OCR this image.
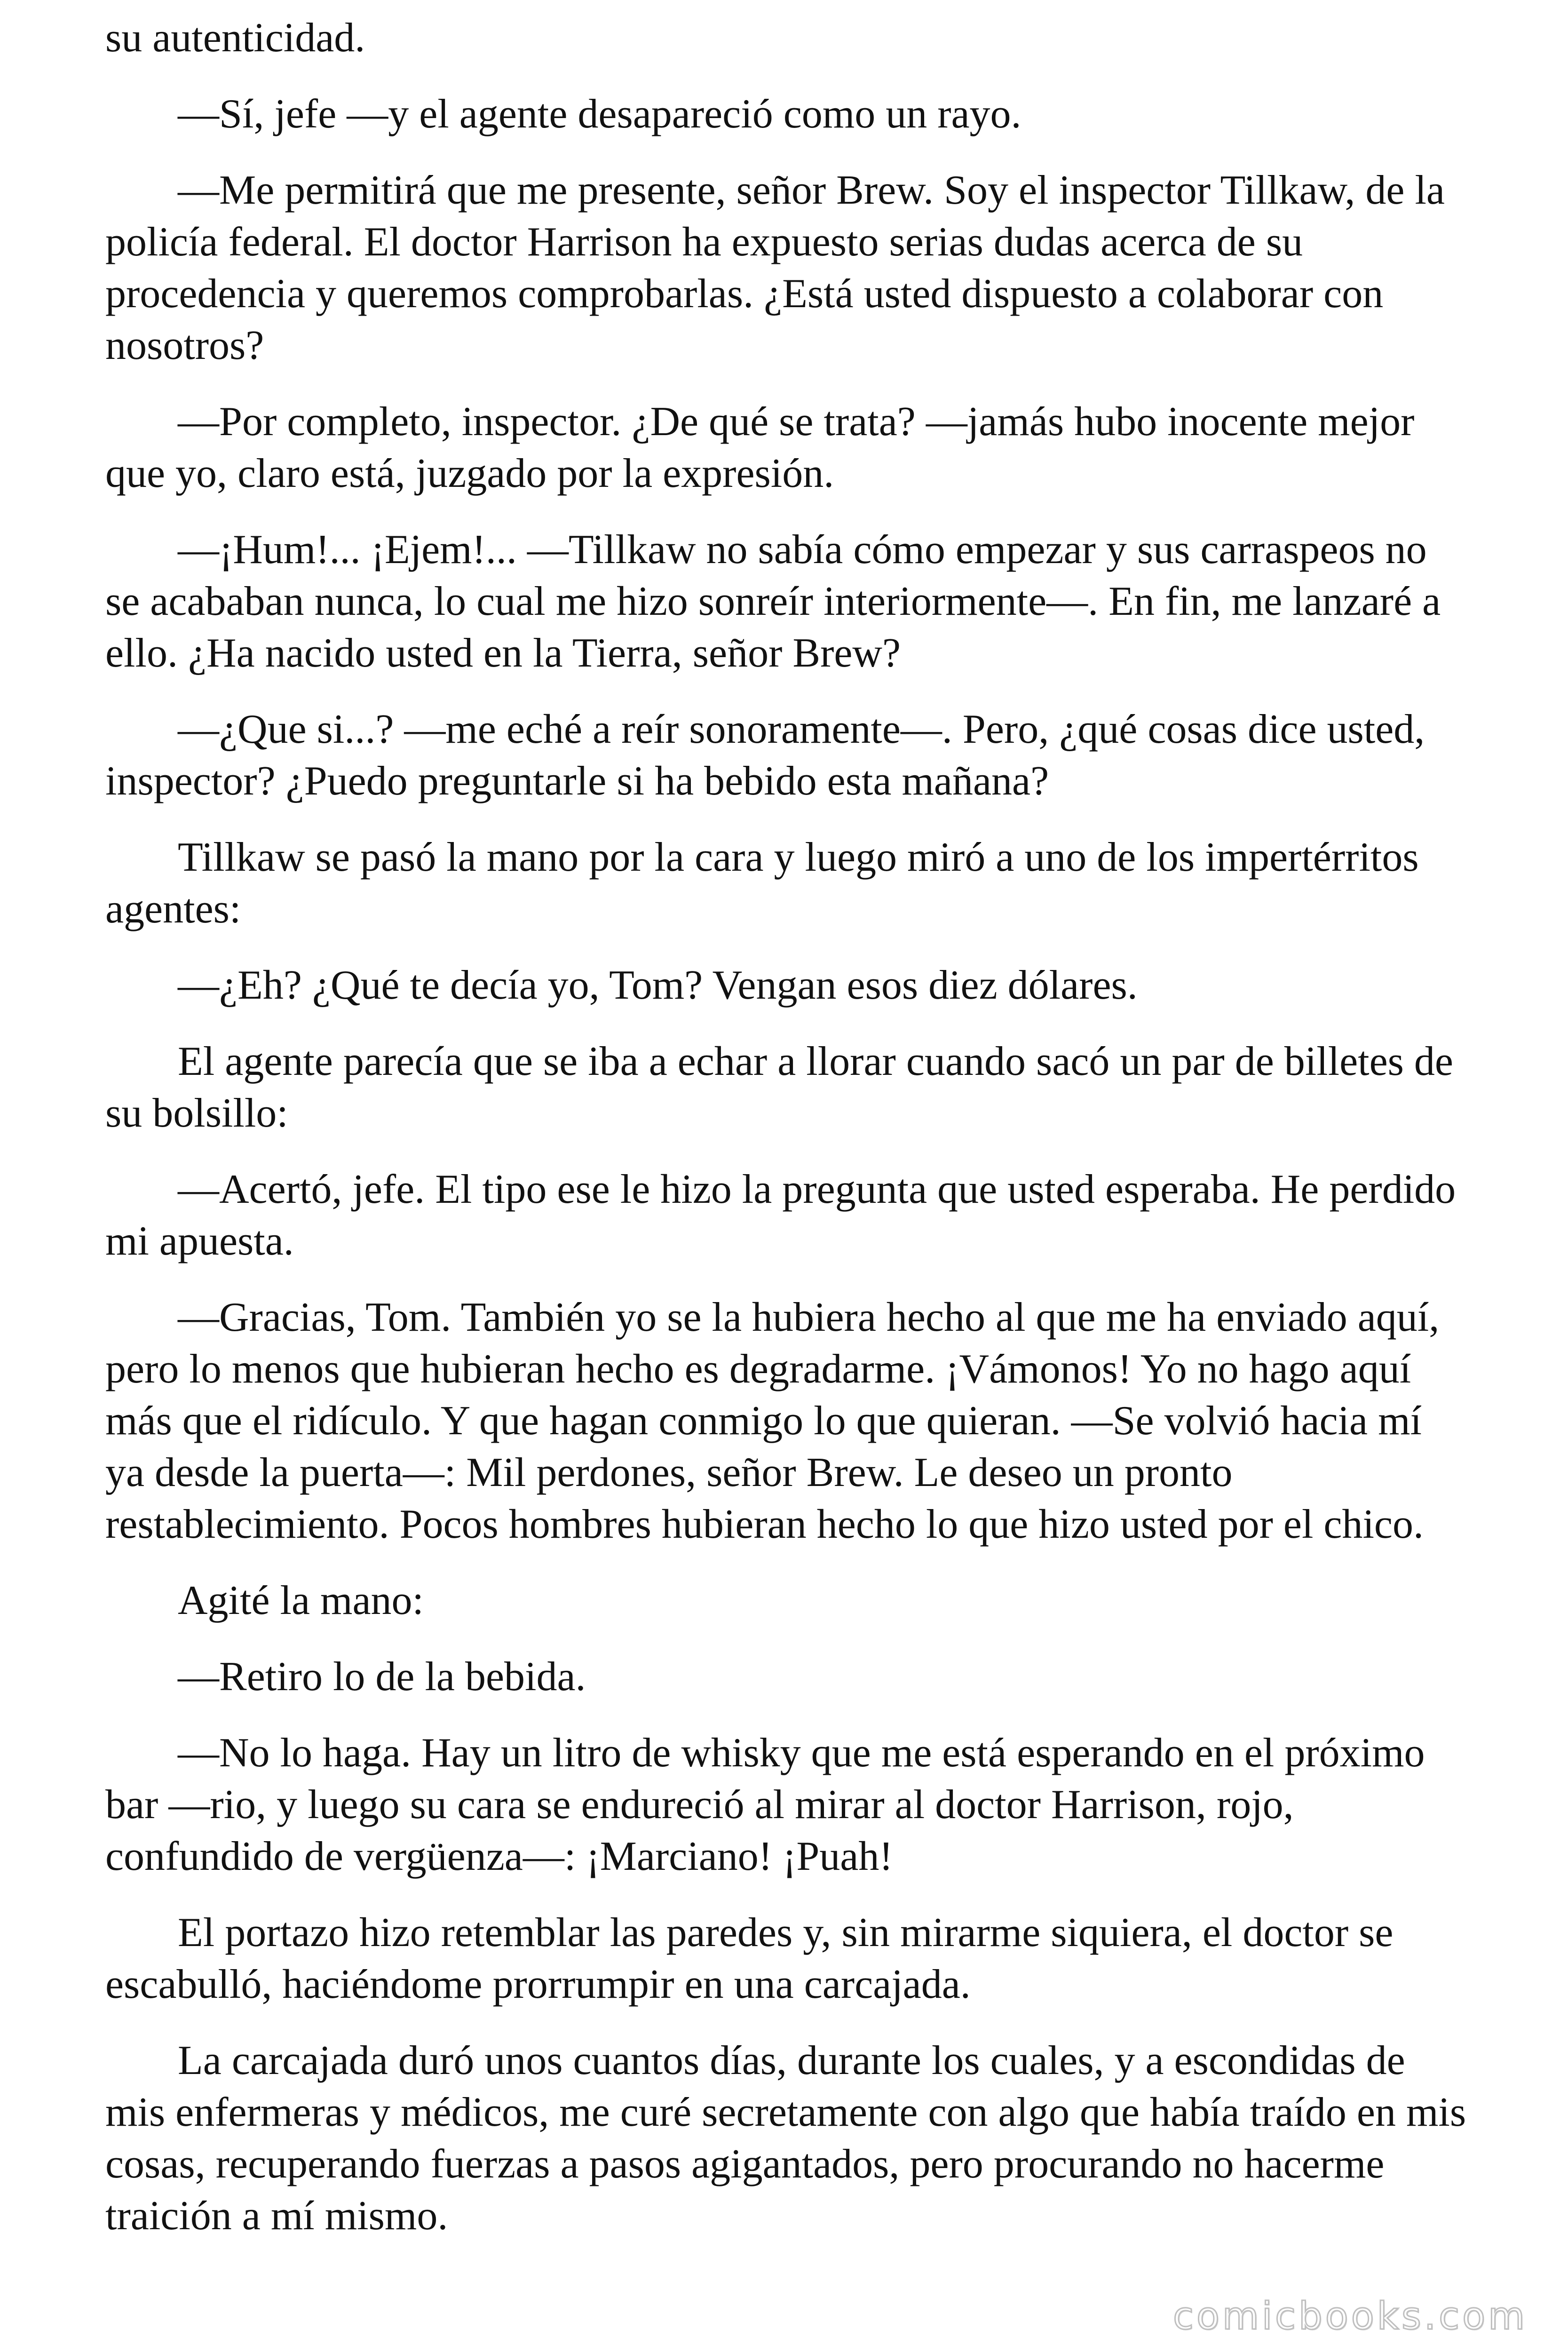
su autenticidad.

—Sí, jefe —y el agente desapareció como un rayo.

—Me permitirá que me presente, señor Brew. Soy el inspector Tillkaw, de la policía federal. El doctor Harrison ha expuesto serias dudas acerca de su procedencia y queremos comprobarlas. ¿Está usted dispuesto a colaborar con nosotros?

—Por completo, inspector. ¿De qué se trata? —jamás hubo inocente mejor que yo, claro está, juzgado por la expresión.

—¡Hum!... ¡Ejem!... —Tillkaw no sabía cómo empezar y sus carraspeos no se acababan nunca, lo cual me hizo sonreír interiormente—. En fin, me lanzaré a ello. ¿Ha nacido usted en la Tierra, señor Brew?

—¿Que si...? —me eché a reír sonoramente—. Pero, ¿qué cosas dice usted, inspector? ¿Puedo preguntarle si ha bebido esta mañana?

Tillkaw se pasó la mano por la cara y luego miró a uno de los impertérritos agentes:

—¿Eh? ¿Qué te decía yo, Tom? Vengan esos diez dólares.

El agente parecía que se iba a echar a llorar cuando sacó un par de billetes de su bolsillo:

—Acertó, jefe. El tipo ese le hizo la pregunta que usted esperaba. He perdido mi apuesta.

—Gracias, Tom. También yo se la hubiera hecho al que me ha enviado aquí, pero lo menos que hubieran hecho es degradarme. ¡Vámonos! Yo no hago aquí más que el ridículo. Y que hagan conmigo lo que quieran. —Se volvió hacia mí ya desde la puerta—: Mil perdones, señor Brew. Le deseo un pronto restablecimiento. Pocos hombres hubieran hecho lo que hizo usted por el chico.

Agité la mano:

—Retiro lo de la bebida.

—No lo haga. Hay un litro de whisky que me está esperando en el próximo bar —rio, y luego su cara se endureció al mirar al doctor Harrison, rojo, confundido de vergüenza—: ¡Marciano! ¡Puah!

El portazo hizo retemblar las paredes y, sin mirarme siquiera, el doctor se escabulló, haciéndome prorrumpir en una carcajada.

La carcajada duró unos cuantos días, durante los cuales, y a escondidas de mis enfermeras y médicos, me curé secretamente con algo que había traído en mis cosas, recuperando fuerzas a pasos agigantados, pero procurando no hacerme traición a mí mismo.

comicbooks.com
